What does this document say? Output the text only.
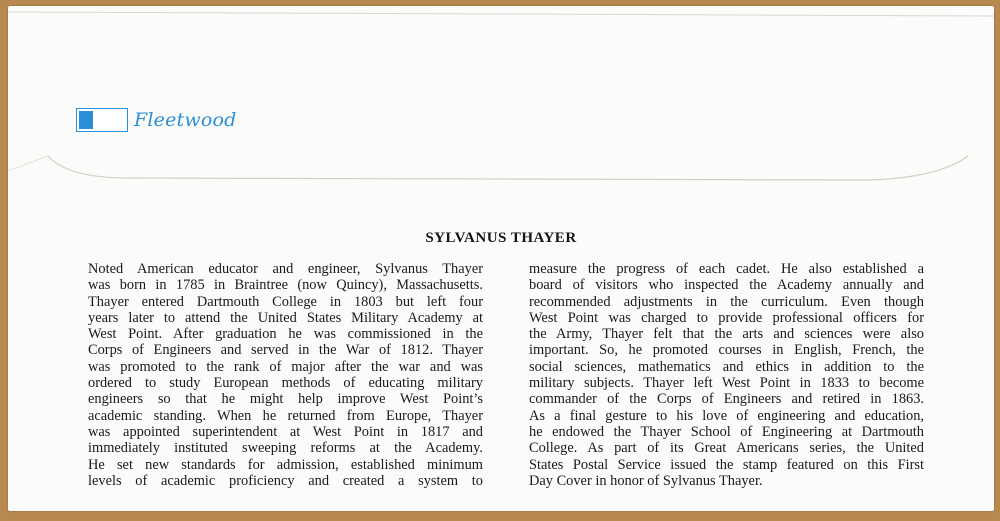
Fleetwood
SYLVANUS THAYER
Noted American educator and engineer, Sylvanus Thayer
was born in 1785 in Braintree (now Quincy), Massachusetts.
Thayer entered Dartmouth College in 1803 but left four
years later to attend the United States Military Academy at
West Point. After graduation he was commissioned in the
Corps of Engineers and served in the War of 1812. Thayer
was promoted to the rank of major after the war and was
ordered to study European methods of educating military
engineers so that he might help improve West Point’s
academic standing. When he returned from Europe, Thayer
was appointed superintendent at West Point in 1817 and
immediately instituted sweeping reforms at the Academy.
He set new standards for admission, established minimum
levels of academic proficiency and created a system to
measure the progress of each cadet. He also established a
board of visitors who inspected the Academy annually and
recommended adjustments in the curriculum. Even though
West Point was charged to provide professional officers for
the Army, Thayer felt that the arts and sciences were also
important. So, he promoted courses in English, French, the
social sciences, mathematics and ethics in addition to the
military subjects. Thayer left West Point in 1833 to become
commander of the Corps of Engineers and retired in 1863.
As a final gesture to his love of engineering and education,
he endowed the Thayer School of Engineering at Dartmouth
College. As part of its Great Americans series, the United
States Postal Service issued the stamp featured on this First
Day Cover in honor of Sylvanus Thayer.
